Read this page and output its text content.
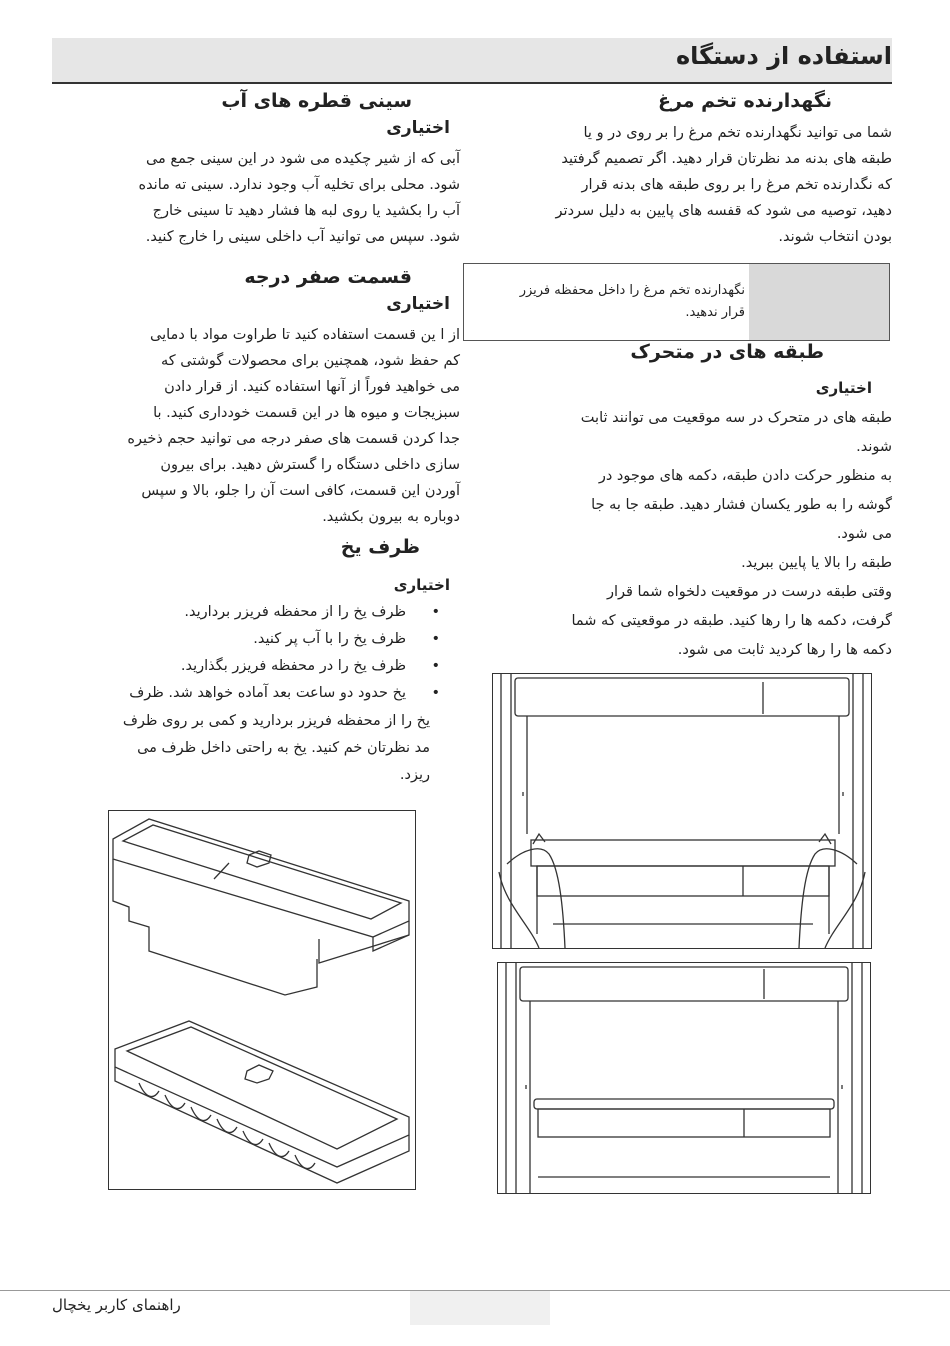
استفاده از دستگاه
نگهدارنده تخم مرغ
شما می توانید نگهدارنده تخم مرغ را بر روی در و یا
طبقه های بدنه مد نظرتان قرار دهید. اگر تصمیم گرفتید
که نگدارنده تخم مرغ را بر روی طبقه های بدنه قرار
دهید، توصیه می شود که قفسه های پایین به دلیل سردتر
بودن انتخاب شوند.
نگهدارنده تخم مرغ را داخل محفظه فریزر
قرار ندهید.
طبقه های در متحرک
اختیاری
طبقه های در متحرک در سه موقعیت می توانند ثابت
شوند.
به منظور حرکت دادن طبقه، دکمه های موجود در
گوشه را به طور یکسان فشار دهید. طبقه جا به جا
می شود.
طبقه را بالا یا پایین ببرید.
وقتی طبقه درست در موقعیت دلخواه شما قرار
گرفت، دکمه ها را رها کنید. طبقه در موقعیتی که شما
دکمه ها را رها کردید ثابت می شود.
سینی قطره های آب
اختیاری
آبی که از شیر چکیده می شود در این سینی جمع می
شود. محلی برای تخلیه آب وجود ندارد. سینی ته مانده
آب را بکشید یا روی لبه ها فشار دهید تا سینی خارج
شود. سپس می توانید آب داخلی سینی را خارج کنید.
قسمت صفر درجه
اختیاری
از ا ین قسمت استفاده کنید تا طراوت مواد با دمایی
کم حفظ شود، همچنین برای محصولات گوشتی که
می خواهید فوراً از آنها استفاده کنید. از قرار دادن
سبزیجات و میوه ها در این قسمت خودداری کنید. با
جدا کردن قسمت های صفر درجه می توانید حجم ذخیره
سازی داخلی دستگاه را گسترش دهید. برای بیرون
آوردن این قسمت، کافی است آن را جلو، بالا و سپس
دوباره به بیرون بکشید.
ظرف یخ
اختیاری
• ظرف یخ را از محفظه فریزر بردارید.
• ظرف یخ را با آب پر کنید.
• ظرف یخ را در محفظه فریزر بگذارید.
• یخ حدود دو ساعت بعد آماده خواهد شد. ظرف
یخ را از محفظه فریزر بردارید و کمی بر روی ظرف
مد نظرتان خم کنید. یخ به راحتی داخل ظرف می
ریزد.
راهنمای کاربر یخچال
